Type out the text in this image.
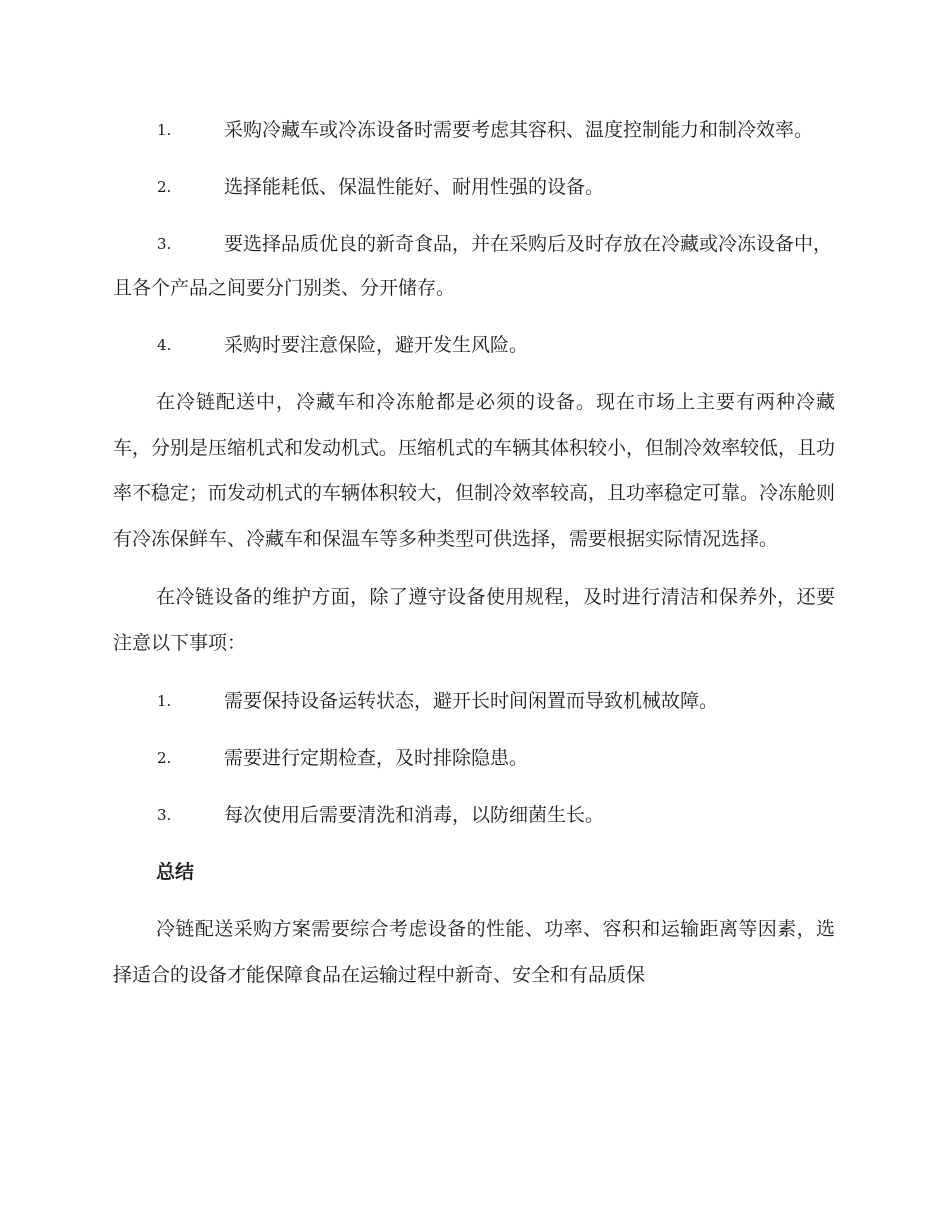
1.	采购冷藏车或冷冻设备时需要考虑其容积、温度控制能力和制冷效率。
2.	选择能耗低、保温性能好、耐用性强的设备。
3.	要选择品质优良的新奇食品，并在采购后及时存放在冷藏或冷冻设备中，且各个产品之间要分门别类、分开储存。
4.	采购时要注意保险，避开发生风险。

在冷链配送中，冷藏车和冷冻舱都是必须的设备。现在市场上主要有两种冷藏车，分别是压缩机式和发动机式。压缩机式的车辆其体积较小，但制冷效率较低，且功率不稳定；而发动机式的车辆体积较大，但制冷效率较高，且功率稳定可靠。冷冻舱则有冷冻保鲜车、冷藏车和保温车等多种类型可供选择，需要根据实际情况选择。

在冷链设备的维护方面，除了遵守设备使用规程，及时进行清洁和保养外，还要注意以下事项：

1.	需要保持设备运转状态，避开长时间闲置而导致机械故障。
2.	需要进行定期检查，及时排除隐患。
3.	每次使用后需要清洗和消毒，以防细菌生长。
总结

冷链配送采购方案需要综合考虑设备的性能、功率、容积和运输距离等因素，选择适合的设备才能保障食品在运输过程中新奇、安全和有品质保
